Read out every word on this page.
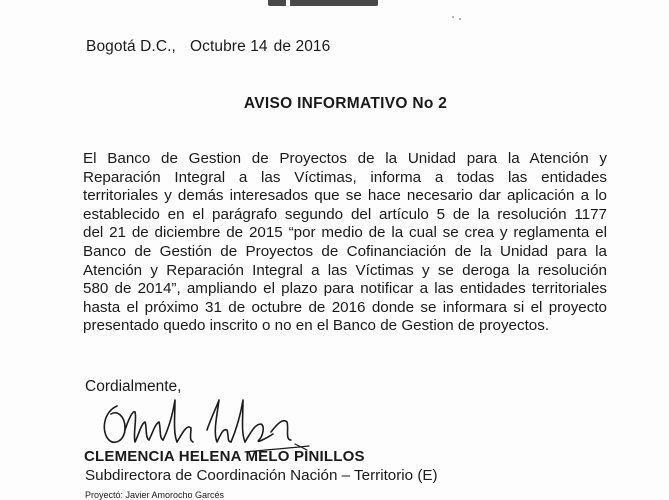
Bogotá D.C., Octubre 14 de 2016
AVISO INFORMATIVO No 2
El Banco de Gestion de Proyectos de la Unidad para la Atención y
Reparación Integral a las Víctimas, informa a todas las entidades
territoriales y demás interesados que se hace necesario dar aplicación a lo
establecido en el parágrafo segundo del artículo 5 de la resolución 1177
del 21 de diciembre de 2015 “por medio de la cual se crea y reglamenta el
Banco de Gestión de Proyectos de Cofinanciación de la Unidad para la
Atención y Reparación Integral a las Víctimas y se deroga la resolución
580 de 2014”, ampliando el plazo para notificar a las entidades territoriales
hasta el próximo 31 de octubre de 2016 donde se informara si el proyecto
presentado quedo inscrito o no en el Banco de Gestion de proyectos.
Cordialmente,
CLEMENCIA HELENA MELO PINILLOS
Subdirectora de Coordinación Nación – Territorio (E)
Proyectó: Javier Amorocho Garcés
